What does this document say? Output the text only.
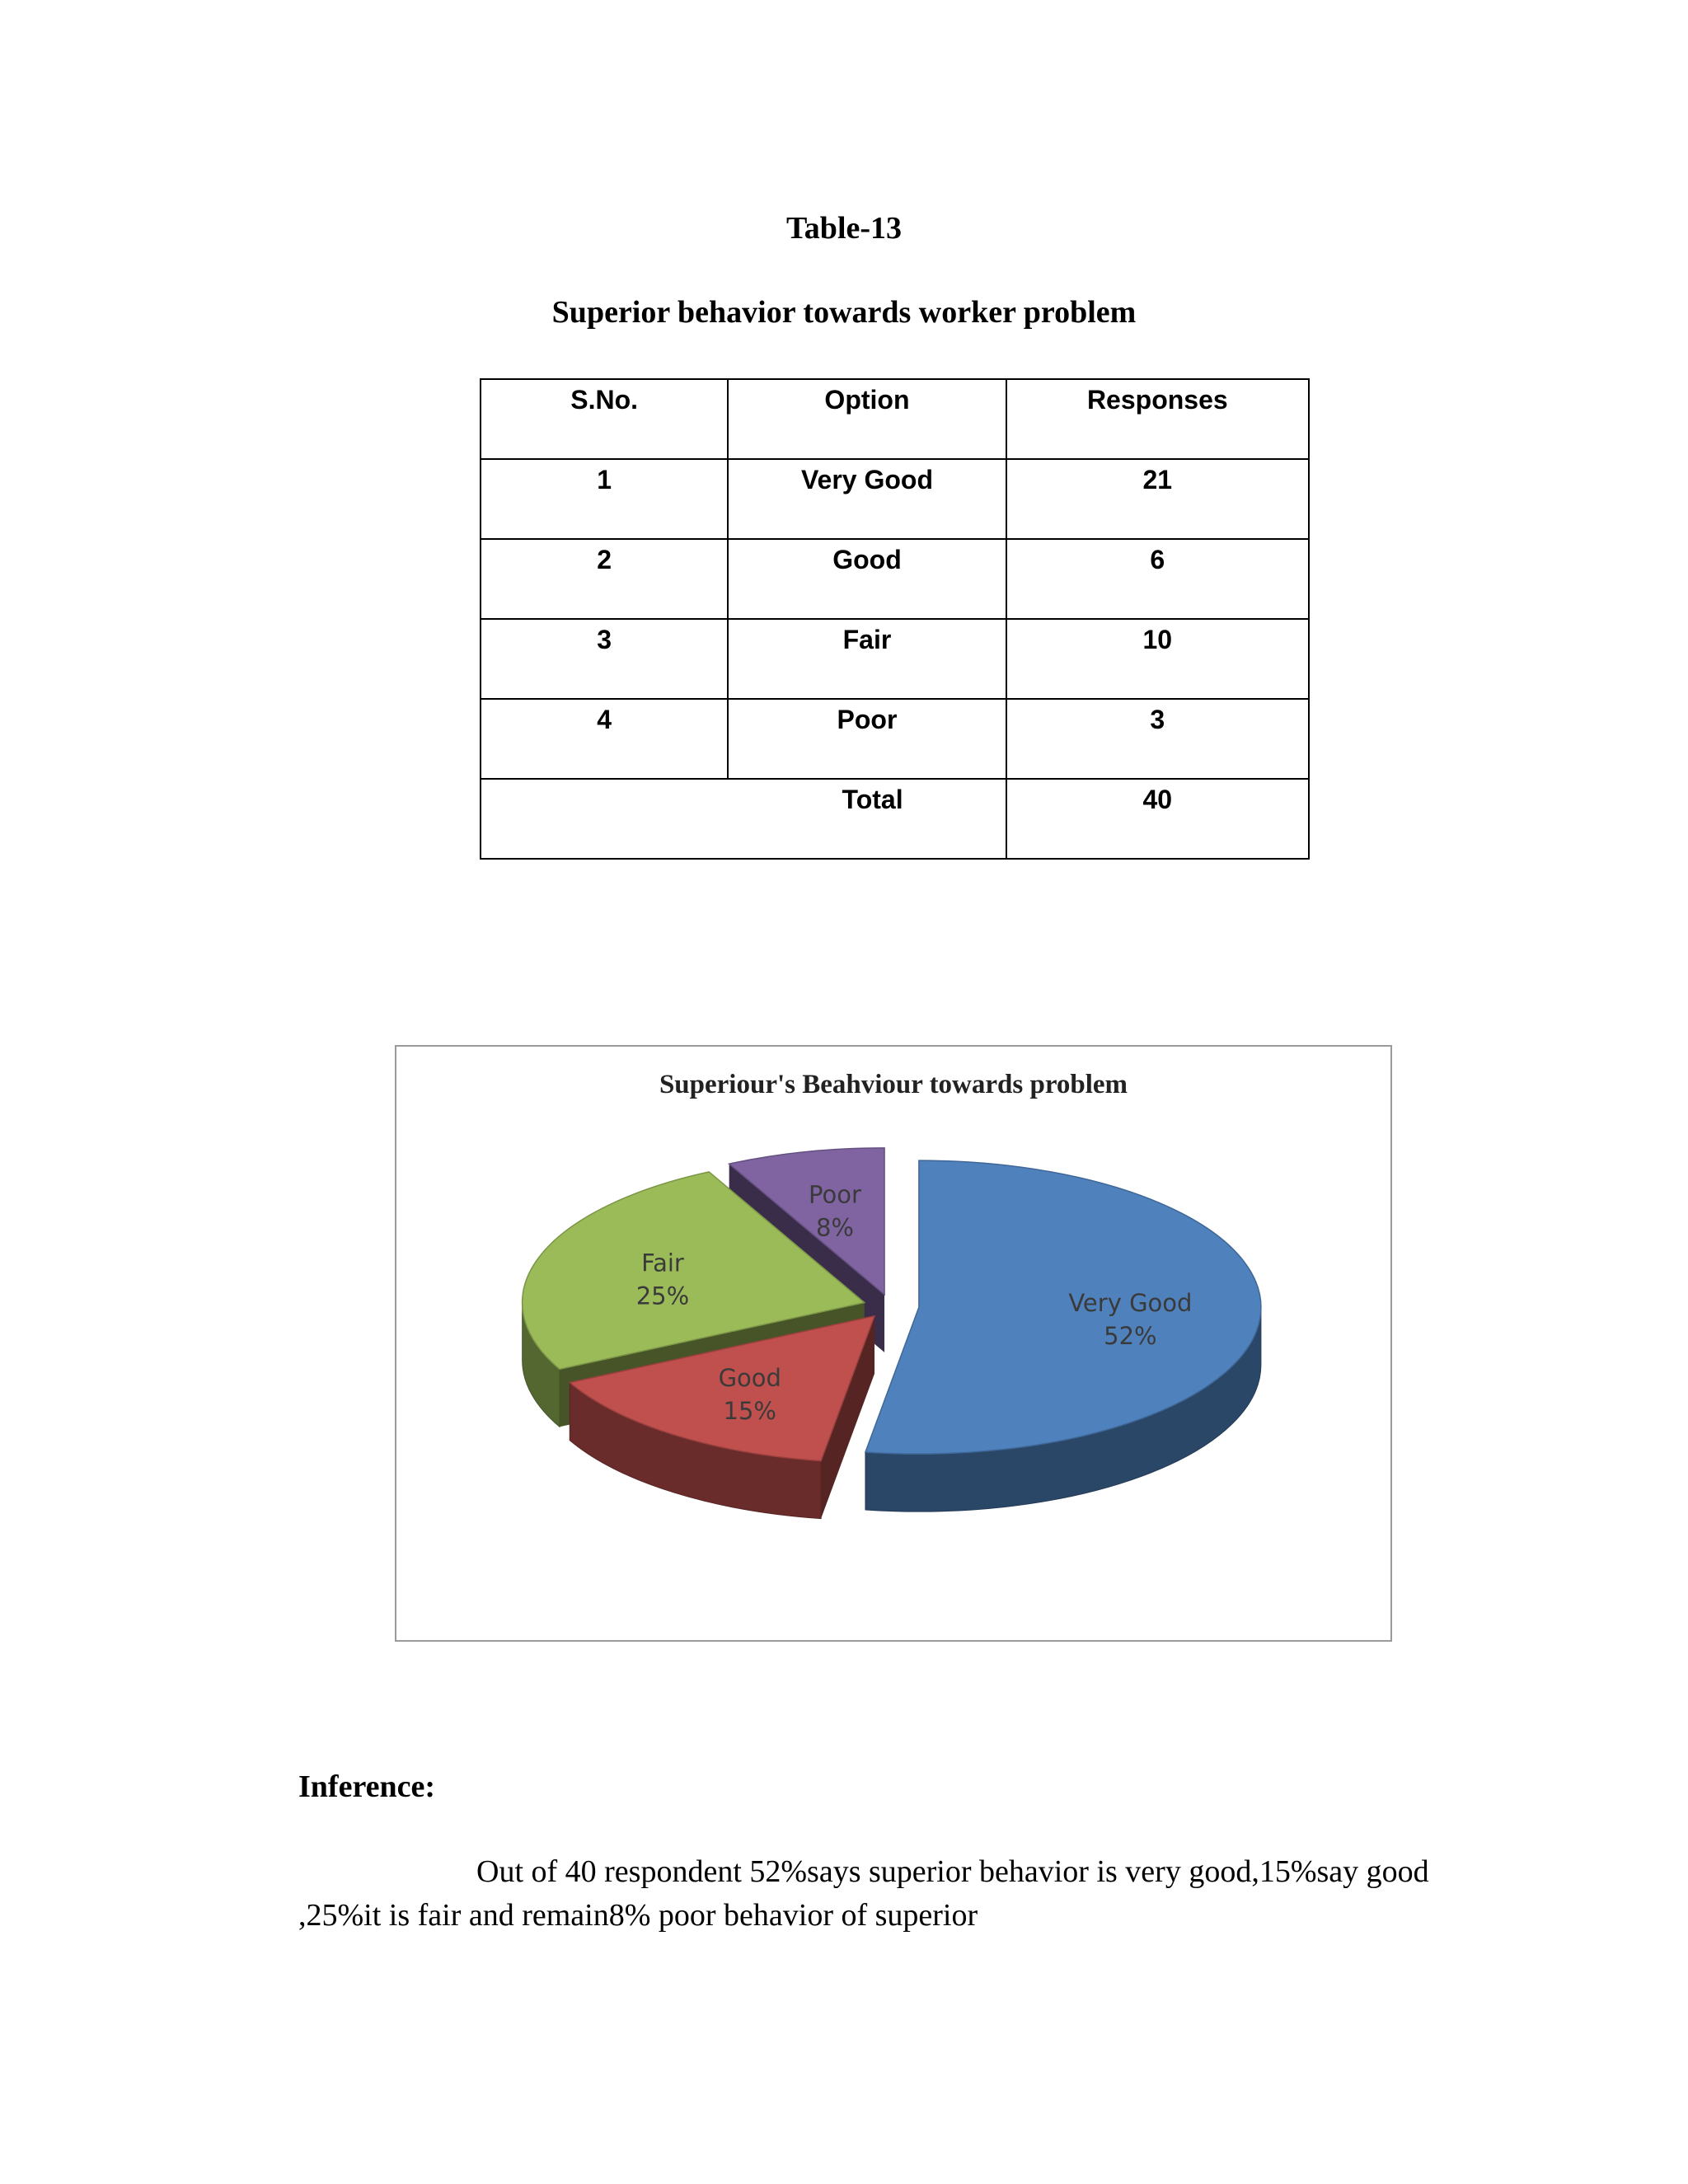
Table-13
Superior behavior towards worker problem
S.No.	Option	Responses
1	Very Good	21
2	Good	6
3	Fair	10
4	Poor	3
Total		40
Superiour's Beahviour towards problem
Very Good
52%
Good
15%
Fair
25%
Poor
8%
Inference:

Out of 40 respondent 52%says superior behavior is very good,15%say good ,25%it is fair and remain8% poor behavior of superior
